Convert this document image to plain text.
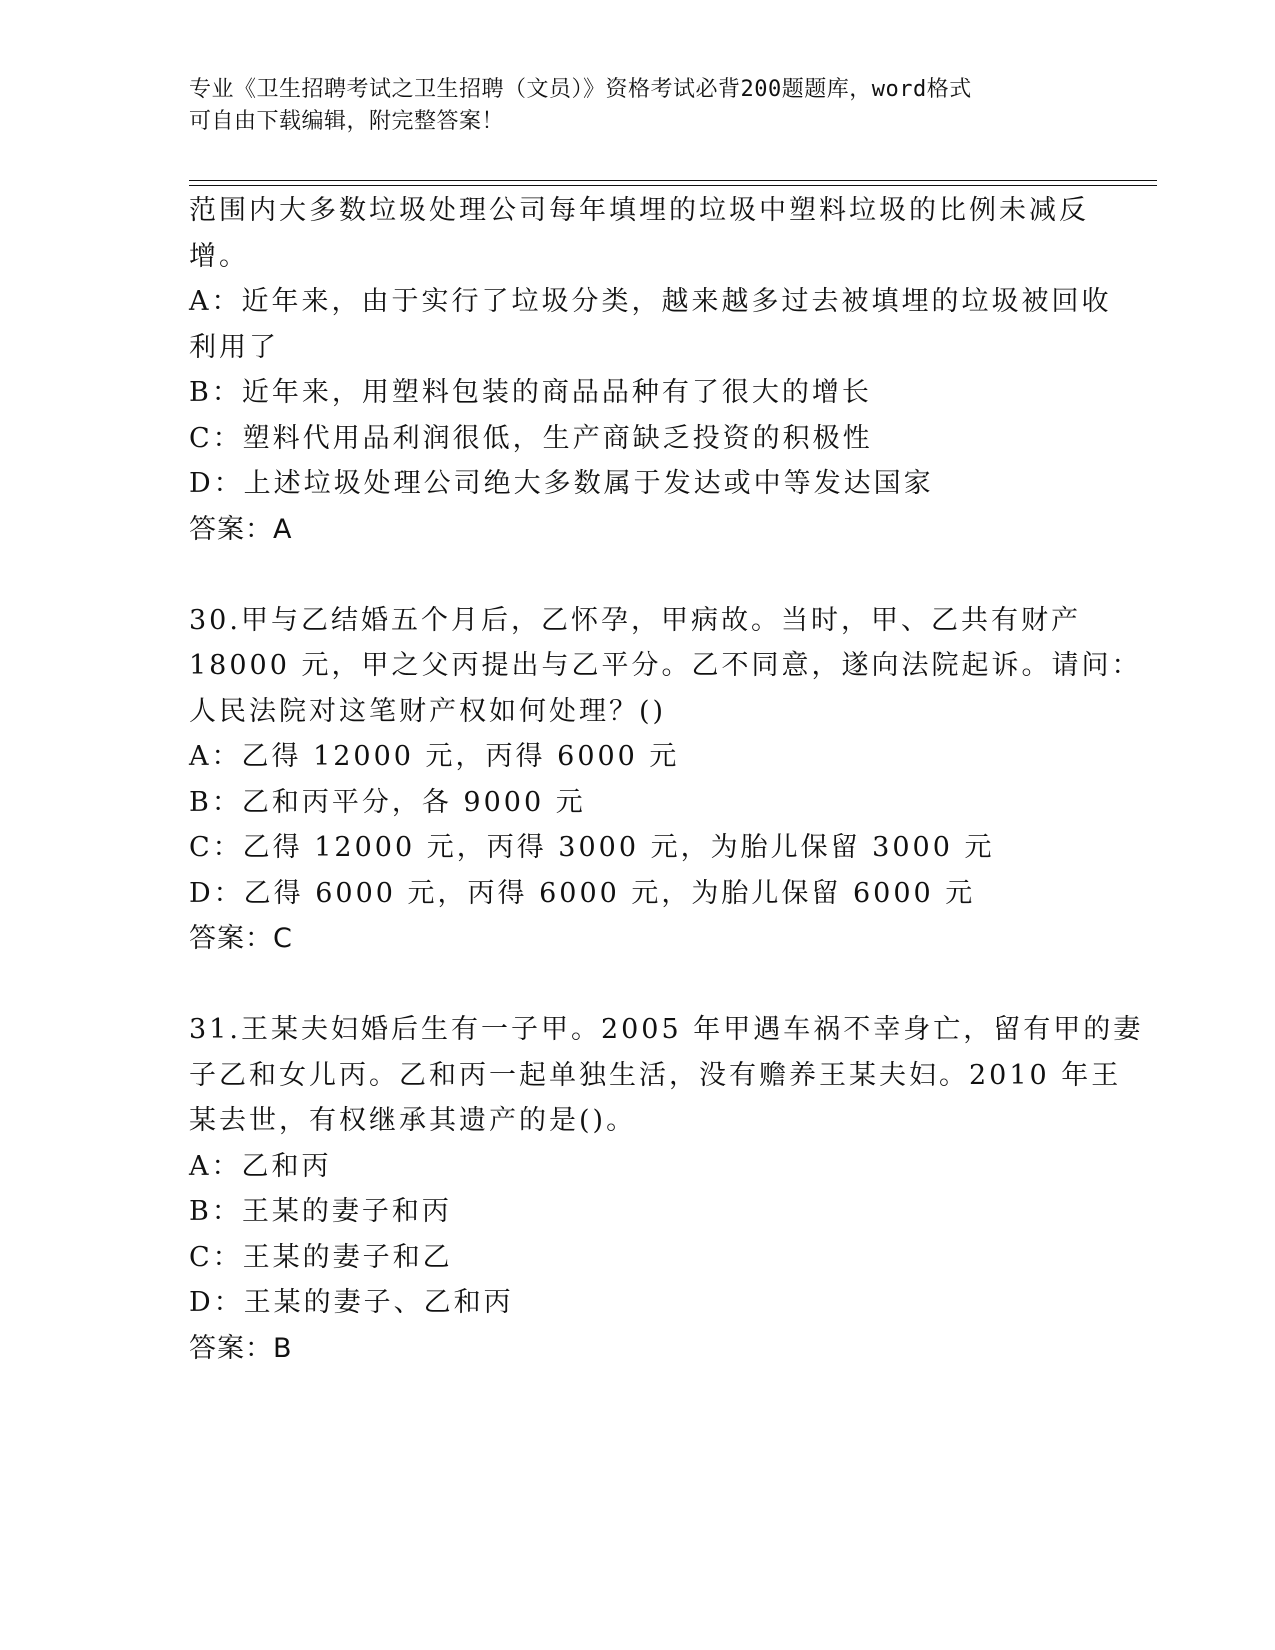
专业《卫生招聘考试之卫生招聘（文员）》资格考试必背200题题库，word格式
可自由下载编辑，附完整答案！
范围内大多数垃圾处理公司每年填埋的垃圾中塑料垃圾的比例未减反
增。
A：近年来，由于实行了垃圾分类，越来越多过去被填埋的垃圾被回收
利用了
B：近年来，用塑料包装的商品品种有了很大的增长
C：塑料代用品利润很低，生产商缺乏投资的积极性
D：上述垃圾处理公司绝大多数属于发达或中等发达国家
答案：A
30.甲与乙结婚五个月后，乙怀孕，甲病故。当时，甲、乙共有财产
18000 元，甲之父丙提出与乙平分。乙不同意，遂向法院起诉。请问：
人民法院对这笔财产权如何处理？()
A：乙得 12000 元，丙得 6000 元
B：乙和丙平分，各 9000 元
C：乙得 12000 元，丙得 3000 元，为胎儿保留 3000 元
D：乙得 6000 元，丙得 6000 元，为胎儿保留 6000 元
答案：C
31.王某夫妇婚后生有一子甲。2005 年甲遇车祸不幸身亡，留有甲的妻
子乙和女儿丙。乙和丙一起单独生活，没有赡养王某夫妇。2010 年王
某去世，有权继承其遗产的是()。
A：乙和丙
B：王某的妻子和丙
C：王某的妻子和乙
D：王某的妻子、乙和丙
答案：B
